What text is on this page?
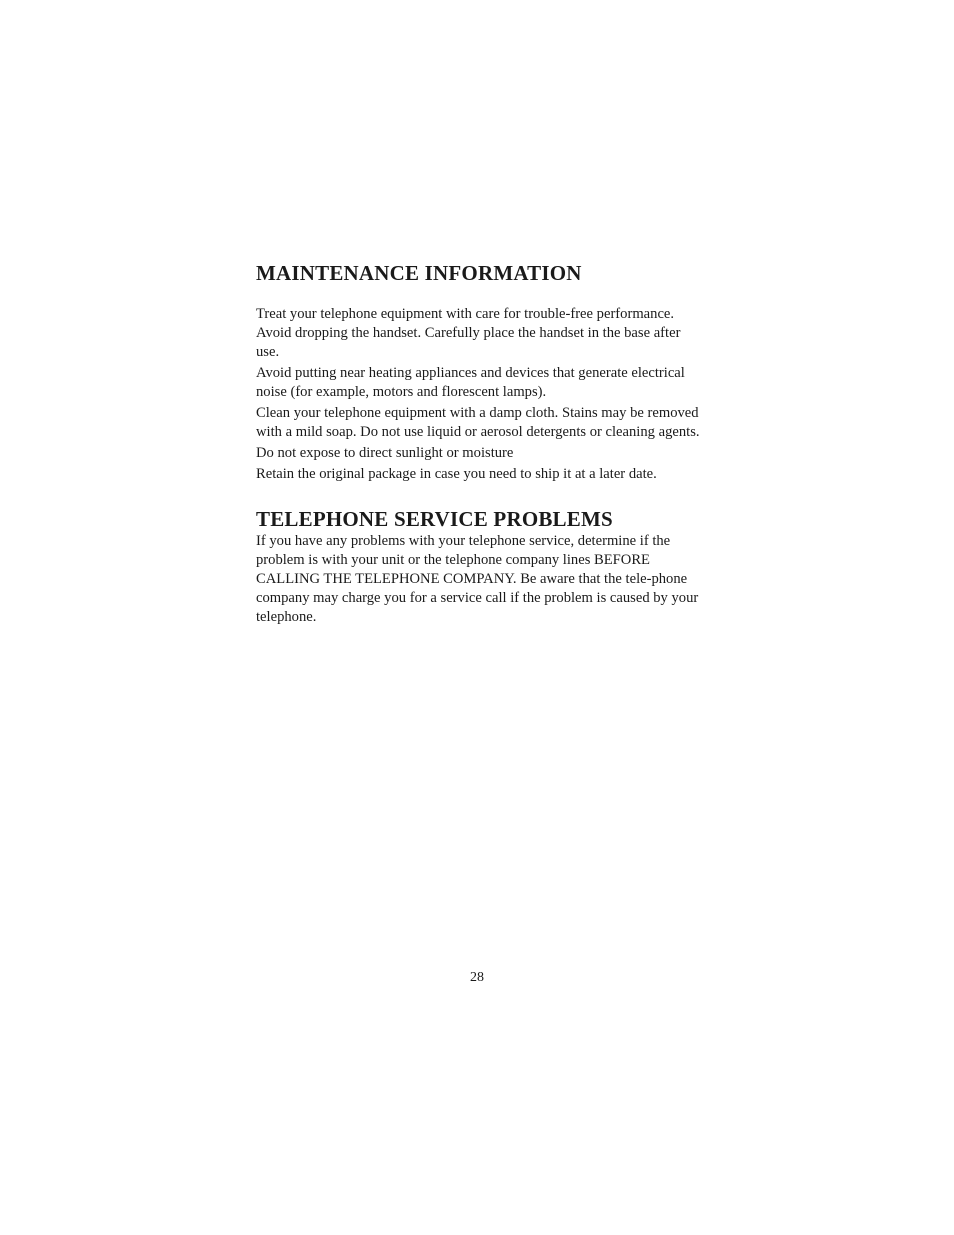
MAINTENANCE INFORMATION

Treat your telephone equipment with care for trouble-free performance. Avoid dropping the handset. Carefully place the handset in the base after use.

Avoid putting near heating appliances and devices that generate electrical noise (for example, motors and florescent lamps).

Clean your telephone equipment with a damp cloth. Stains may be removed with a mild soap. Do not use liquid or aerosol detergents or cleaning agents.

Do not expose to direct sunlight or moisture

Retain the original package in case you need to ship it at a later date.

TELEPHONE SERVICE PROBLEMS

If you have any problems with your telephone service, determine if the problem is with your unit or the telephone company lines BEFORE CALLING THE TELEPHONE COMPANY. Be aware that the tele-phone company may charge you for a service call if the problem is caused by your telephone.

28
